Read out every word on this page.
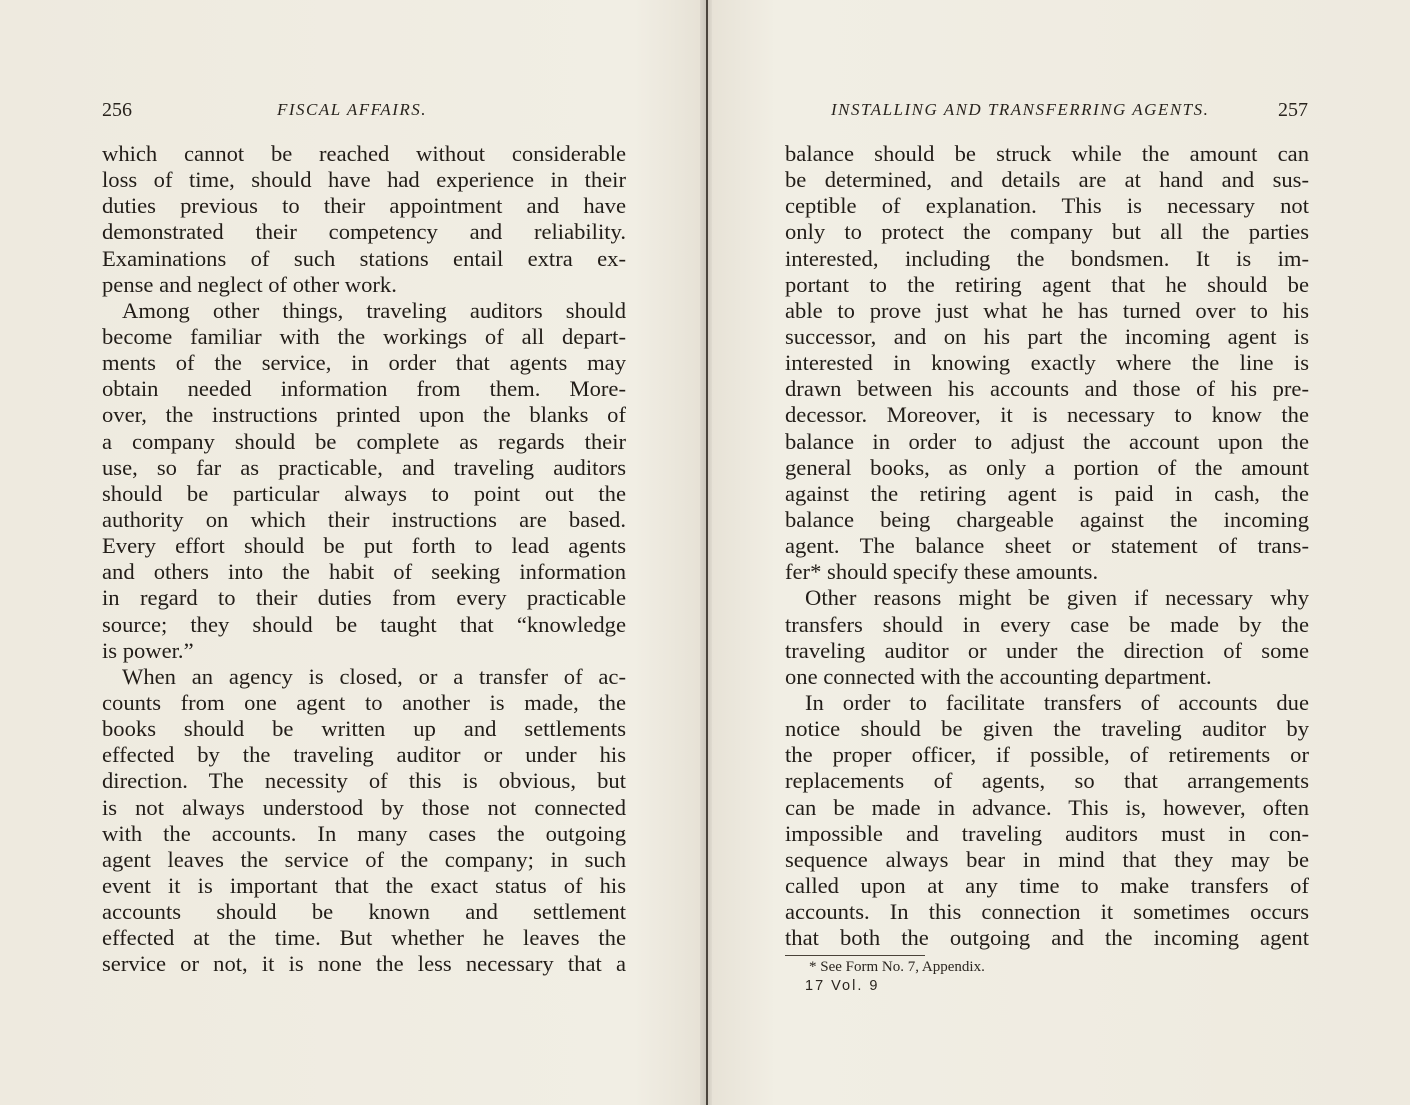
256	FISCAL AFFAIRS.
which cannot be reached without considerable
loss of time, should have had experience in their
duties previous to their appointment and have
demonstrated their competency and reliability.
Examinations of such stations entail extra ex-
pense and neglect of other work.
Among other things, traveling auditors should
become familiar with the workings of all depart-
ments of the service, in order that agents may
obtain needed information from them. More-
over, the instructions printed upon the blanks of
a company should be complete as regards their
use, so far as practicable, and traveling auditors
should be particular always to point out the
authority on which their instructions are based.
Every effort should be put forth to lead agents
and others into the habit of seeking information
in regard to their duties from every practicable
source; they should be taught that “knowledge
is power.”
When an agency is closed, or a transfer of ac-
counts from one agent to another is made, the
books should be written up and settlements
effected by the traveling auditor or under his
direction. The necessity of this is obvious, but
is not always understood by those not connected
with the accounts. In many cases the outgoing
agent leaves the service of the company; in such
event it is important that the exact status of his
accounts should be known and settlement
effected at the time. But whether he leaves the
service or not, it is none the less necessary that a
INSTALLING AND TRANSFERRING AGENTS.	257
balance should be struck while the amount can
be determined, and details are at hand and sus-
ceptible of explanation. This is necessary not
only to protect the company but all the parties
interested, including the bondsmen. It is im-
portant to the retiring agent that he should be
able to prove just what he has turned over to his
successor, and on his part the incoming agent is
interested in knowing exactly where the line is
drawn between his accounts and those of his pre-
decessor. Moreover, it is necessary to know the
balance in order to adjust the account upon the
general books, as only a portion of the amount
against the retiring agent is paid in cash, the
balance being chargeable against the incoming
agent. The balance sheet or statement of trans-
fer* should specify these amounts.
Other reasons might be given if necessary why
transfers should in every case be made by the
traveling auditor or under the direction of some
one connected with the accounting department.
In order to facilitate transfers of accounts due
notice should be given the traveling auditor by
the proper officer, if possible, of retirements or
replacements of agents, so that arrangements
can be made in advance. This is, however, often
impossible and traveling auditors must in con-
sequence always bear in mind that they may be
called upon at any time to make transfers of
accounts. In this connection it sometimes occurs
that both the outgoing and the incoming agent
* See Form No. 7, Appendix.
17 Vol. 9
